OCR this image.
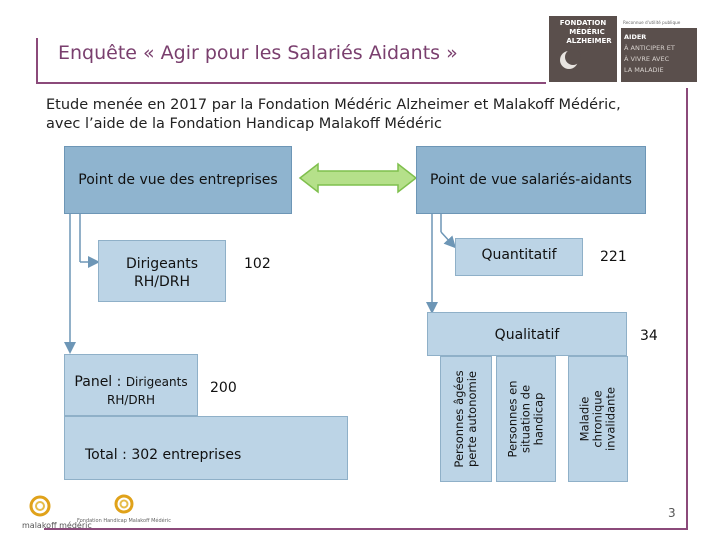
Enquête « Agir pour les Salariés Aidants »
FONDATION
MÉDÉRIC
ALZHEIMER
Reconnue d'utilité publique
AIDER
À ANTICIPER ET
À VIVRE AVEC
LA MALADIE
Etude menée en 2017 par la Fondation Médéric Alzheimer et Malakoff Médéric,
avec l’aide de la Fondation Handicap Malakoff Médéric
Point de vue des entreprises
Dirigeants
RH/DRH
102
Panel : Dirigeants
RH/DRH
200
Total : 302 entreprises
Point de vue salariés-aidants
Quantitatif	221
Qualitatif	34
Personnes âgées perte autonomie Personnes en situation de handicap	Maladie chronique invalidante
malakoff médéric
Fondation Handicap Malakoff Médéric
3
